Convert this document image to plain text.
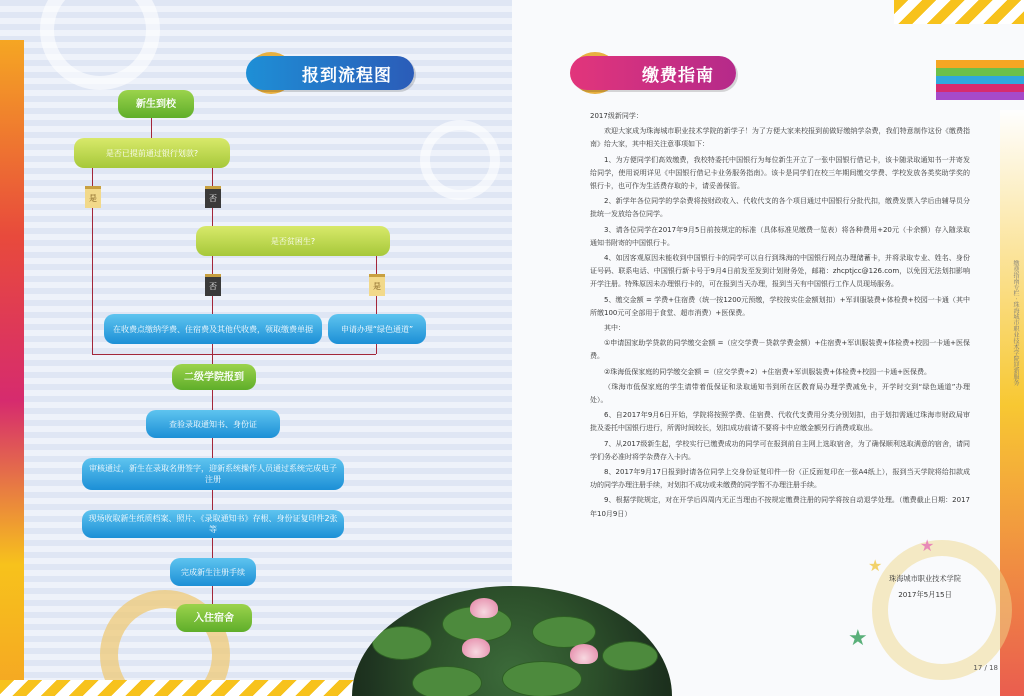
报到流程图	缴费指南
新生到校
是否已提前通过银行划款?
是	否
是否贫困生?
否	是
在收费点缴纳学费、住宿费及其他代收费，领取缴费单据	申请办理“绿色通道”
二级学院报到
查验录取通知书、身份证
审核通过，新生在录取名册签字，迎新系统操作人员通过系统完成电子注册
现场收取新生纸质档案、照片、《录取通知书》存根、身份证复印件2张等
完成新生注册手续
入住宿舍

2017级新同学：

欢迎大家成为珠海城市职业技术学院的新学子！为了方便大家来校报到前做好缴纳学杂费，我们特意制作这份《缴费指南》给大家，其中相关注意事项如下：

1、为方便同学们高效缴费，我校特委托中国银行为每位新生开立了一张中国银行借记卡，该卡随录取通知书一并寄发给同学，使用说明详见《中国银行借记卡业务服务指南》。该卡是同学们在校三年期间缴交学费、学校发放各类奖助学奖的银行卡，也可作为生活费存取的卡，请妥善保管。

2、新学年各位同学的学杂费将按财政收入、代收代支的各个项目通过中国银行分批代扣，缴费发票入学后由辅导员分批统一发放给各位同学。

3、请各位同学在2017年9月5日前按规定的标准（具体标准见缴费一览表）将各种费用+20元（卡余额）存入随录取通知书附寄的中国银行卡。

4、如因客观原因未能收到中国银行卡的同学可以自行到珠海的中国银行网点办理储蓄卡，并将录取专业、姓名、身份证号码、联系电话、中国银行新卡号于9月4日前发至发到计划财务处，邮箱：zhcptjcc@126.com，以免因无法划扣影响开学注册。特殊原因未办理银行卡的，可在报到当天办理，报到当天有中国银行工作人员现场服务。

5、缴交金额 = 学费+住宿费（统一按1200元预缴，学校按实住金额划扣）+军训服装费+体检费+校园一卡通（其中所缴100元可全部用于食堂、超市消费）+医保费。

其中：

①申请国家助学贷款的同学缴交金额 =（应交学费－贷款学费金额）+住宿费+军训服装费+体检费+校园一卡通+医保费。

②珠海低保家庭的同学缴交金额 =（应交学费÷2）+住宿费+军训服装费+体检费+校园一卡通+医保费。

（珠海市低保家庭的学生请带着低保证和录取通知书到所在区教育局办理学费减免卡，开学时交到“绿色通道”办理处）。

6、自2017年9月6日开始，学院将按照学费、住宿费、代收代支费用分类分别划扣，由于划扣需通过珠海市财政局审批及委托中国银行进行，所需时间较长，划扣成功前请不要将卡中应缴金额另行消费或取出。

7、从2017级新生起，学校实行已缴费成功的同学可在报到前自主网上选取宿舍，为了确保顺利选取满意的宿舍，请同学们务必准时将学杂费存入卡内。

8、2017年9月17日报到时请各位同学上交身份证复印件一份（正反面复印在一张A4纸上），报到当天学院将给扣款成功的同学办理注册手续，对划扣不成功或未缴费的同学暂不办理注册手续。

9、根据学院规定，对在开学后四周内无正当理由不按规定缴费注册的同学将按自动退学处理。（缴费截止日期：2017年10月9日）

珠海城市职业技术学院
2017年5月15日
★
★
★
17 / 18
缴费指南专栏 · 珠海城市职业技术学院迎新服务
